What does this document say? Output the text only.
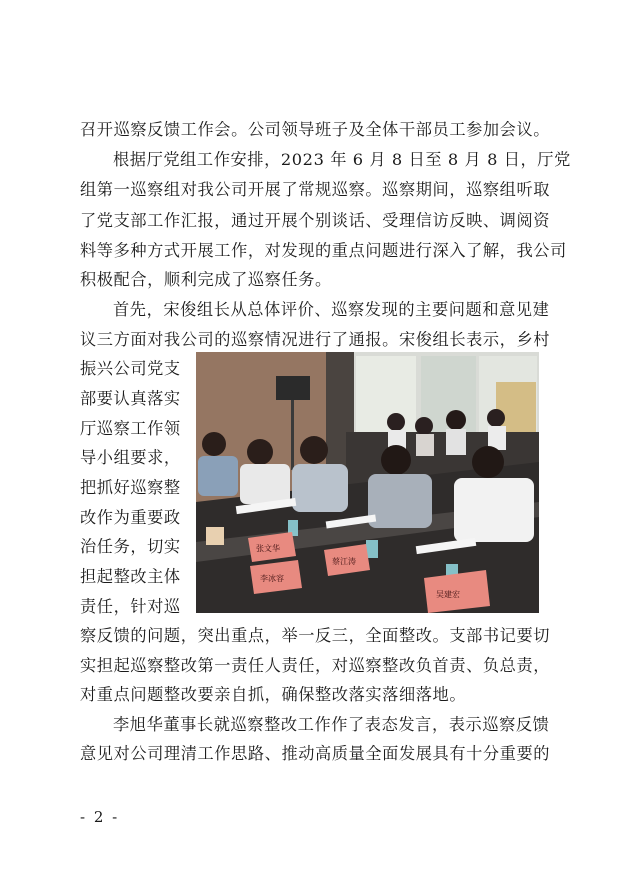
召开巡察反馈工作会。公司领导班子及全体干部员工参加会议。
根据厅党组工作安排，2023 年 6 月 8 日至 8 月 8 日，厅党
组第一巡察组对我公司开展了常规巡察。巡察期间，巡察组听取
了党支部工作汇报，通过开展个别谈话、受理信访反映、调阅资
料等多种方式开展工作，对发现的重点问题进行深入了解，我公司
积极配合，顺利完成了巡察任务。
首先，宋俊组长从总体评价、巡察发现的主要问题和意见建
议三方面对我公司的巡察情况进行了通报。宋俊组长表示，乡村
振兴公司党支
部要认真落实
厅巡察工作领
导小组要求，
把抓好巡察整
改作为重要政
治任务，切实
担起整改主体
责任，针对巡
察反馈的问题，突出重点，举一反三，全面整改。支部书记要切
实担起巡察整改第一责任人责任，对巡察整改负首责、负总责，
对重点问题整改要亲自抓，确保整改落实落细落地。
李旭华董事长就巡察整改工作作了表态发言，表示巡察反馈
意见对公司理清工作思路、推动高质量全面发展具有十分重要的
张文华
李冰容
蔡江涛
吴建宏
- 2 -
